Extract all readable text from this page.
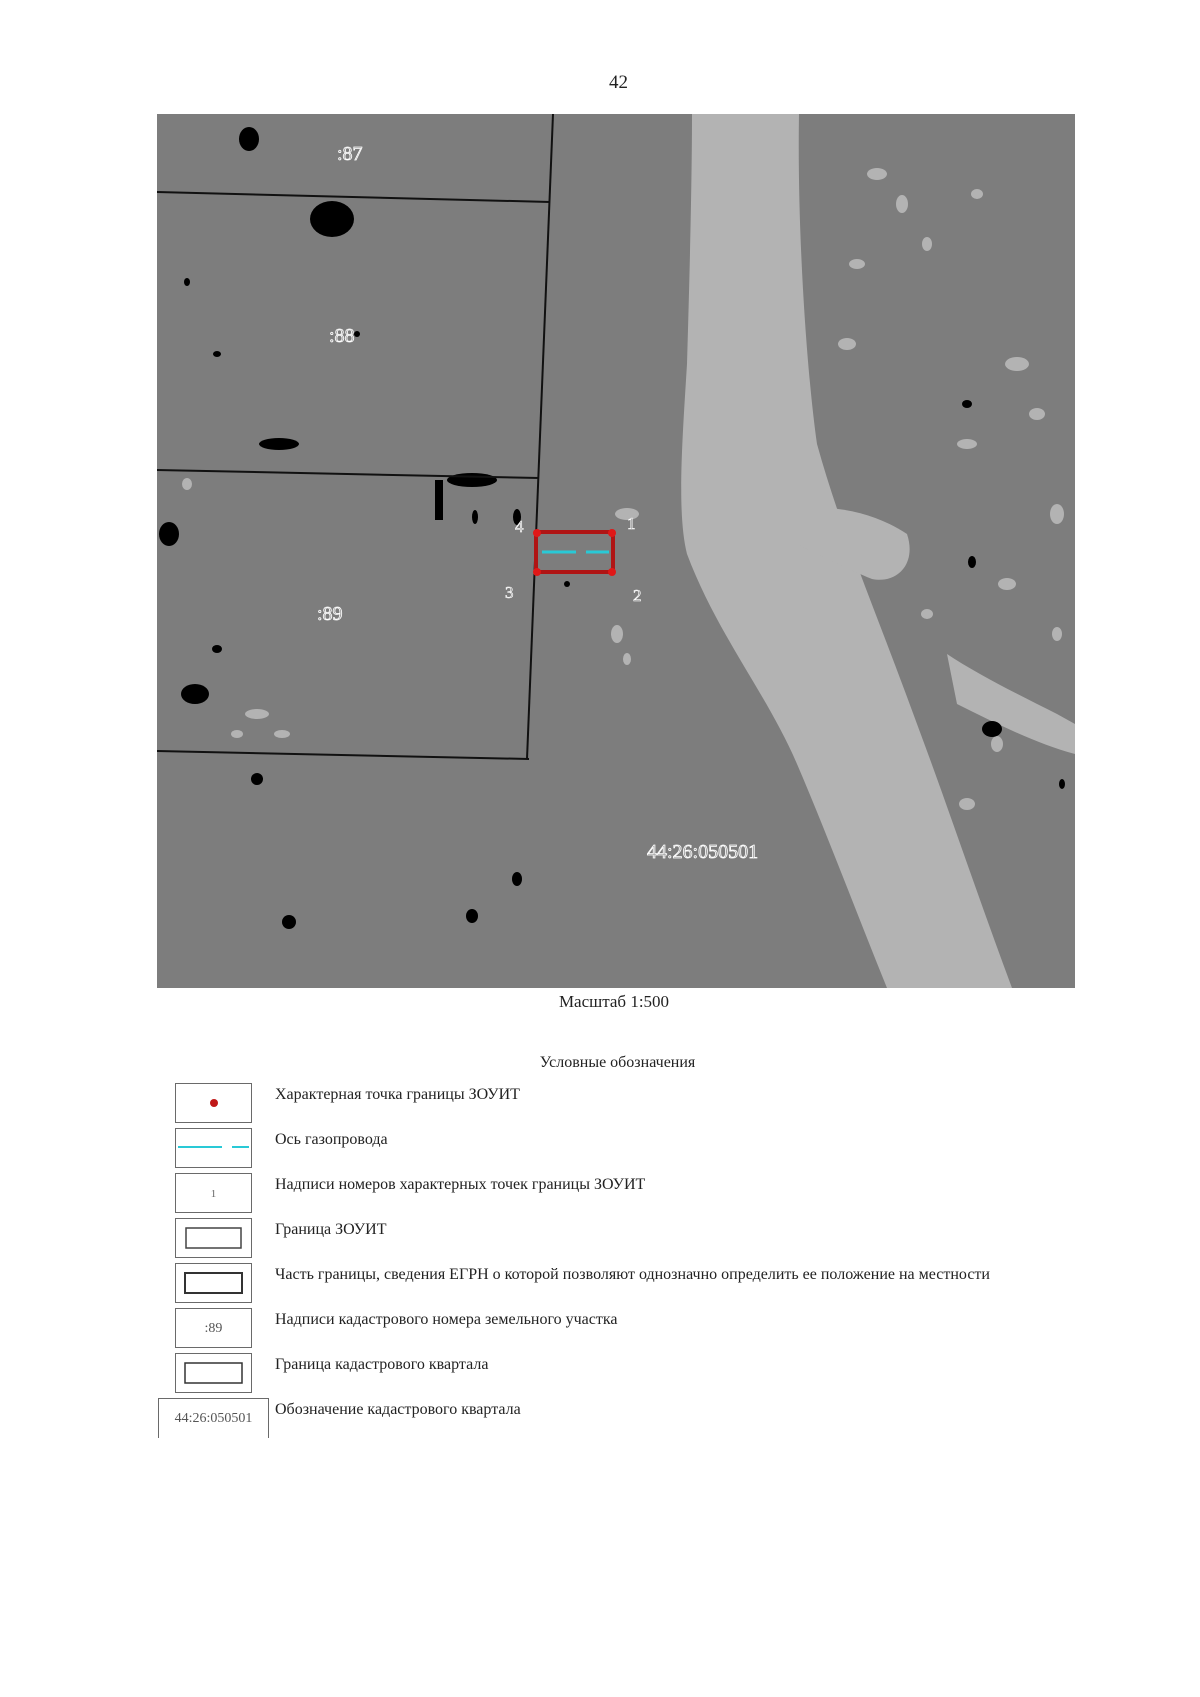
42
:87
:88
:89
44:26:050501
1
2
3
4
Масштаб 1:500
Условные обозначения
Характерная точка границы ЗОУИТ
Ось газопровода
1
Надписи номеров характерных точек границы ЗОУИТ
Граница ЗОУИТ
Часть границы, сведения ЕГРН о которой позволяют однозначно определить ее положение на местности
:89
Надписи кадастрового номера земельного участка
Граница кадастрового квартала
44:26:050501
Обозначение кадастрового квартала
